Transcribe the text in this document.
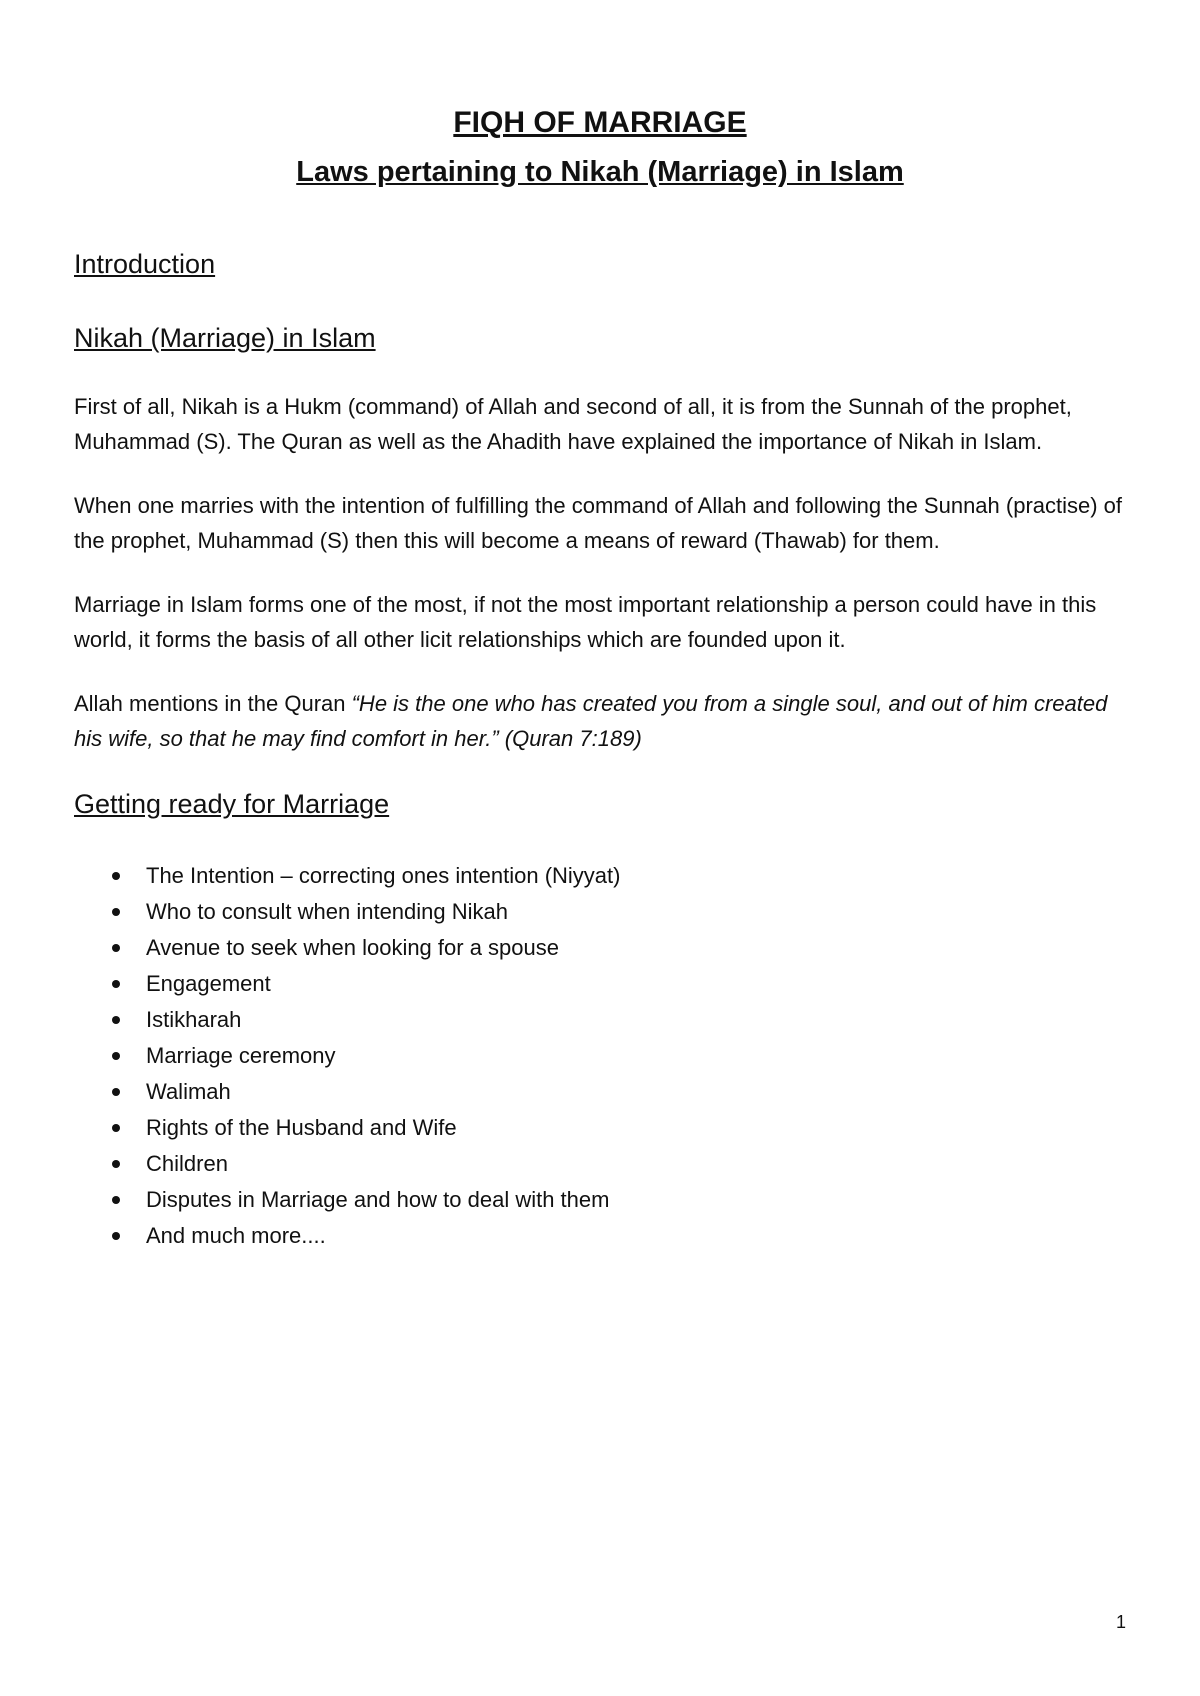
FIQH OF MARRIAGE
Laws pertaining to Nikah (Marriage) in Islam
Introduction
Nikah (Marriage) in Islam

First of all, Nikah is a Hukm (command) of Allah and second of all, it is from the Sunnah of the prophet, Muhammad (S). The Quran as well as the Ahadith have explained the importance of Nikah in Islam.

When one marries with the intention of fulfilling the command of Allah and following the Sunnah (practise) of the prophet, Muhammad (S) then this will become a means of reward (Thawab) for them.

Marriage in Islam forms one of the most, if not the most important relationship a person could have in this world, it forms the basis of all other licit relationships which are founded upon it.

Allah mentions in the Quran “He is the one who has created you from a single soul, and out of him created his wife, so that he may find comfort in her.” (Quran 7:189)

Getting ready for Marriage
The Intention – correcting ones intention (Niyyat)
Who to consult when intending Nikah
Avenue to seek when looking for a spouse
Engagement
Istikharah
Marriage ceremony
Walimah
Rights of the Husband and Wife
Children
Disputes in Marriage and how to deal with them
And much more....
1
